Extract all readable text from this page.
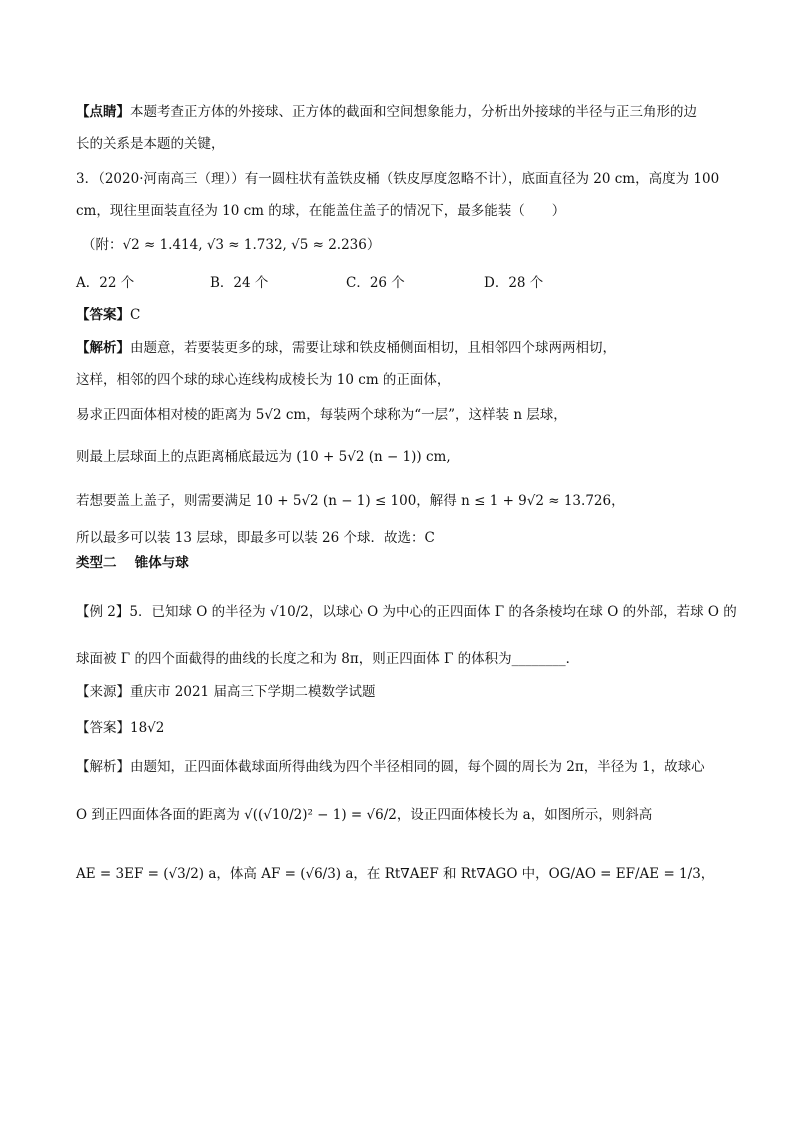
【点睛】本题考查正方体的外接球、正方体的截面和空间想象能力，分析出外接球的半径与正三角形的边
长的关系是本题的关键，
3．（2020·河南高三（理））有一圆柱状有盖铁皮桶（铁皮厚度忽略不计），底面直径为 20 cm，高度为 100
cm，现往里面装直径为 10 cm 的球，在能盖住盖子的情况下，最多能装（　　）
（附：√2 ≈ 1.414, √3 ≈ 1.732, √5 ≈ 2.236）
A．22 个	B．24 个	C．26 个	D．28 个
【答案】C
【解析】由题意，若要装更多的球，需要让球和铁皮桶侧面相切，且相邻四个球两两相切，
这样，相邻的四个球的球心连线构成棱长为 10 cm 的正面体，
易求正四面体相对棱的距离为 5√2 cm，每装两个球称为“一层”，这样装 n 层球，
则最上层球面上的点距离桶底最远为 (10 + 5√2 (n − 1)) cm,
若想要盖上盖子，则需要满足 10 + 5√2 (n − 1) ≤ 100，解得 n ≤ 1 + 9√2 ≈ 13.726，
所以最多可以装 13 层球，即最多可以装 26 个球．故选：C
类型二　 锥体与球
【例 2】5．已知球 O 的半径为 √10/2，以球心 O 为中心的正四面体 Γ 的各条棱均在球 O 的外部，若球 O 的
球面被 Γ 的四个面截得的曲线的长度之和为 8π，则正四面体 Γ 的体积为________．
【来源】重庆市 2021 届高三下学期二模数学试题
【答案】18√2
【解析】由题知，正四面体截球面所得曲线为四个半径相同的圆，每个圆的周长为 2π，半径为 1，故球心
O 到正四面体各面的距离为 √((√10/2)² − 1) = √6/2，设正四面体棱长为 a，如图所示，则斜高
AE = 3EF = (√3/2) a，体高 AF = (√6/3) a，在 Rt∇AEF 和 Rt∇AGO 中，OG/AO = EF/AE = 1/3，
